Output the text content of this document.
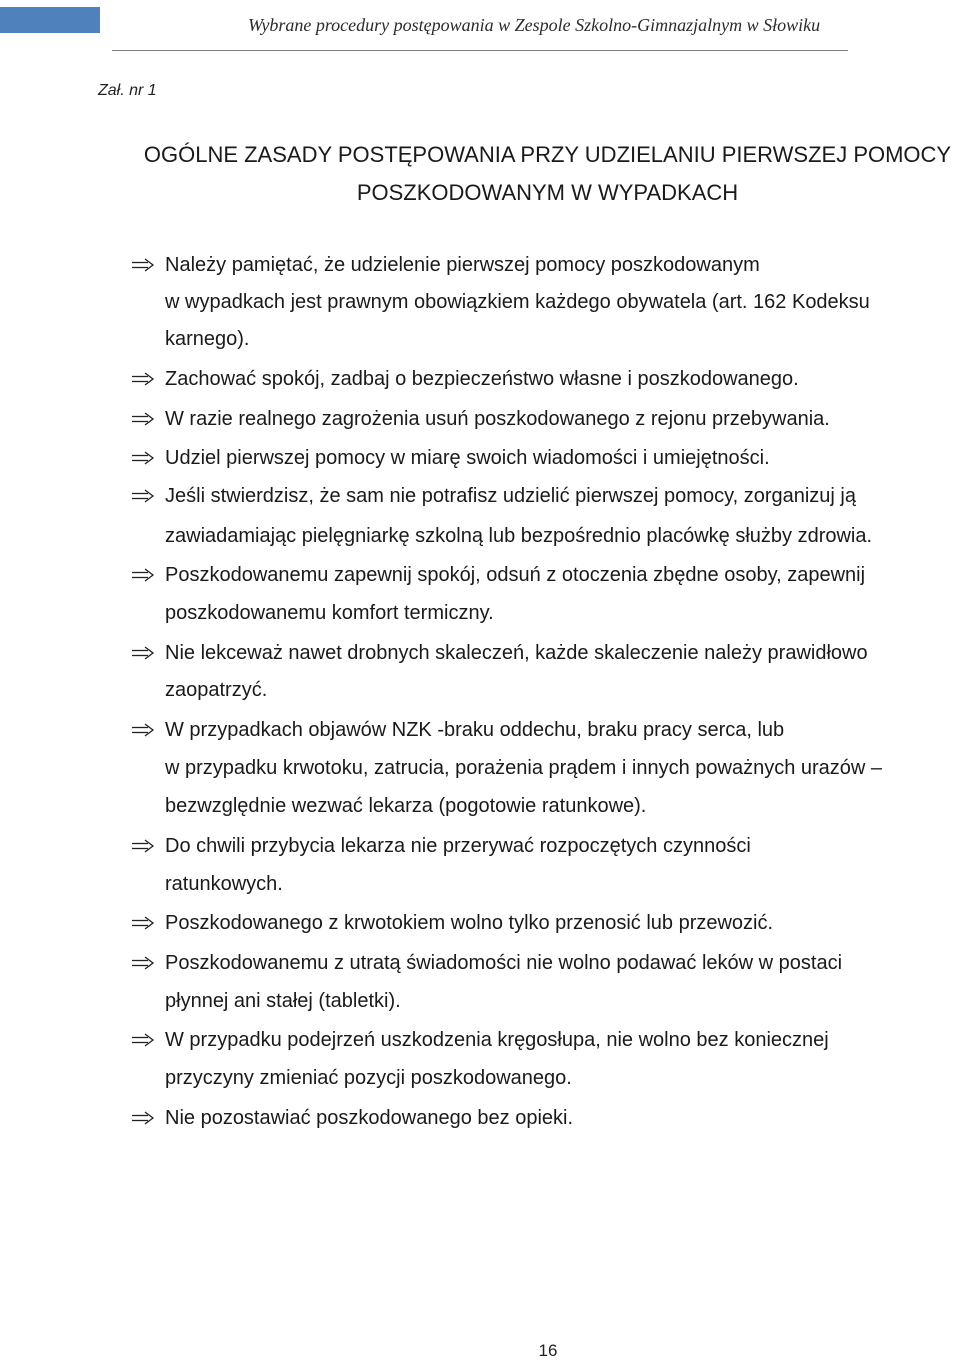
Wybrane procedury postępowania w Zespole Szkolno-Gimnazjalnym w Słowiku
Zał. nr 1
OGÓLNE ZASADY POSTĘPOWANIA PRZY UDZIELANIU PIERWSZEJ POMOCY
POSZKODOWANYM W WYPADKACH
Należy pamiętać, że udzielenie pierwszej pomocy poszkodowanym
w wypadkach jest prawnym obowiązkiem każdego obywatela (art. 162 Kodeksu
karnego).
Zachować spokój, zadbaj o bezpieczeństwo własne i poszkodowanego.
W razie realnego zagrożenia usuń poszkodowanego z rejonu przebywania.
Udziel pierwszej pomocy w miarę swoich wiadomości i umiejętności.
Jeśli stwierdzisz, że sam nie potrafisz udzielić pierwszej pomocy, zorganizuj ją
zawiadamiając pielęgniarkę szkolną lub bezpośrednio placówkę służby zdrowia.
Poszkodowanemu zapewnij spokój, odsuń z otoczenia zbędne osoby, zapewnij
poszkodowanemu komfort termiczny.
Nie lekceważ nawet drobnych skaleczeń, każde skaleczenie należy prawidłowo
zaopatrzyć.
W przypadkach objawów NZK -braku oddechu, braku pracy serca, lub
w przypadku krwotoku, zatrucia, porażenia prądem i innych poważnych urazów –
bezwzględnie wezwać lekarza (pogotowie ratunkowe).
Do chwili przybycia lekarza nie przerywać rozpoczętych czynności
ratunkowych.
Poszkodowanego z krwotokiem wolno tylko przenosić lub przewozić.
Poszkodowanemu z utratą świadomości nie wolno podawać leków w postaci
płynnej ani stałej (tabletki).
W przypadku podejrzeń uszkodzenia kręgosłupa, nie wolno bez koniecznej
przyczyny zmieniać pozycji poszkodowanego.
Nie pozostawiać poszkodowanego bez opieki.
16
